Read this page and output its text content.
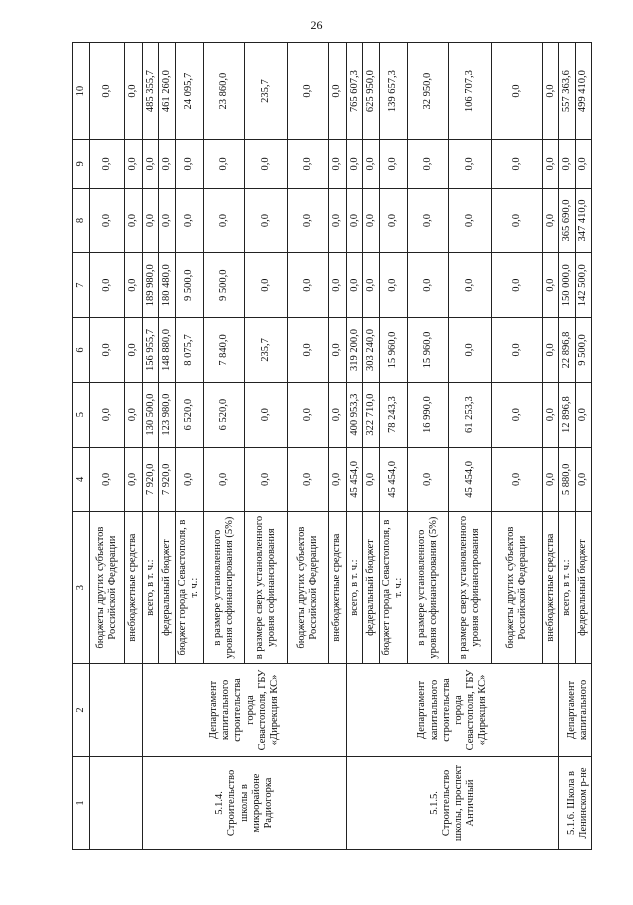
26
1	2	3	4	5	6	7	8	9	10
		бюджеты других субъектов Российской Федерации	0,0	0,0	0,0	0,0	0,0	0,0	0,0
		внебюджетные средства	0,0	0,0	0,0	0,0	0,0	0,0	0,0
5.1.4. Строительство школы в микрорайоне Радиогорка	Департамент капитального строительства города Севастополя, ГБУ «Дирекция КС»	всего, в т. ч.:	7 920,0	130 500,0	156 955,7	189 980,0	0,0	0,0	485 355,7
		федеральный бюджет	7 920,0	123 980,0	148 880,0	180 480,0	0,0	0,0	461 260,0
		бюджет города Севастополя, в т. ч.:	0,0	6 520,0	8 075,7	9 500,0	0,0	0,0	24 095,7
		в размере установленного уровня софинансирования (5%)	0,0	6 520,0	7 840,0	9 500,0	0,0	0,0	23 860,0
		в размере сверх установленного уровня софинансирования	0,0	0,0	235,7	0,0	0,0	0,0	235,7
		бюджеты других субъектов Российской Федерации	0,0	0,0	0,0	0,0	0,0	0,0	0,0
		внебюджетные средства	0,0	0,0	0,0	0,0	0,0	0,0	0,0
5.1.5. Строительство школы, проспект Античный	Департамент капитального строительства города Севастополя, ГБУ «Дирекция КС»	всего, в т. ч.:	45 454,0	400 953,3	319 200,0	0,0	0,0	0,0	765 607,3
		федеральный бюджет	0,0	322 710,0	303 240,0	0,0	0,0	0,0	625 950,0
		бюджет города Севастополя, в т. ч.:	45 454,0	78 243,3	15 960,0	0,0	0,0	0,0	139 657,3
		в размере установленного уровня софинансирования (5%)	0,0	16 990,0	15 960,0	0,0	0,0	0,0	32 950,0
		в размере сверх установленного уровня софинансирования	45 454,0	61 253,3	0,0	0,0	0,0	0,0	106 707,3
		бюджеты других субъектов Российской Федерации	0,0	0,0	0,0	0,0	0,0	0,0	0,0
		внебюджетные средства	0,0	0,0	0,0	0,0	0,0	0,0	0,0
5.1.6. Школа в Ленинском р-не	Департамент капитального	всего, в т. ч.:	5 880,0	12 896,8	22 896,8	150 000,0	365 690,0	0,0	557 363,6
		федеральный бюджет	0,0	0,0	9 500,0	142 500,0	347 410,0	0,0	499 410,0
